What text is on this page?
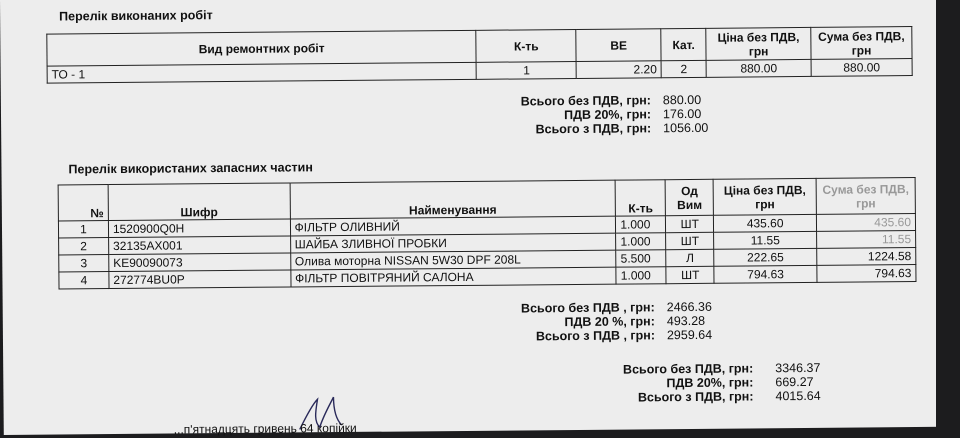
Перелік виконаних робіт
Вид ремонтних робіт	К-ть	ВЕ	Кат.	Ціна без ПДВ, грн	Сума без ПДВ, грн
ТО - 1	1	2.20	2	880.00	880.00
Всього без ПДВ, грн: 880.00
ПДВ 20%, грн: 176.00
Всього з ПДВ, грн: 1056.00
Перелік використаних запасних частин
№	Шифр	Найменування	К-ть	Од Вим	Ціна без ПДВ, грн	Сума без ПДВ, грн
1	1520900Q0H	ФІЛЬТР ОЛИВНИЙ	1.000	ШТ	435.60	435.60
2	32135AX001	ШАЙБА ЗЛИВНОЇ ПРОБКИ	1.000	ШТ	11.55	11.55
3	KE90090073	Олива моторна NISSAN 5W30 DPF 208L	5.500	Л	222.65	1224.58
4	272774BU0P	ФІЛЬТР ПОВІТРЯНИЙ САЛОНА	1.000	ШТ	794.63	794.63
Всього без ПДВ , грн: 2466.36
ПДВ 20 %, грн: 493.28
Всього з ПДВ , грн: 2959.64
Всього без ПДВ, грн: 3346.37
ПДВ 20%, грн: 669.27
Всього з ПДВ, грн: 4015.64
...п'ятнадцять гривень 64 копійки
